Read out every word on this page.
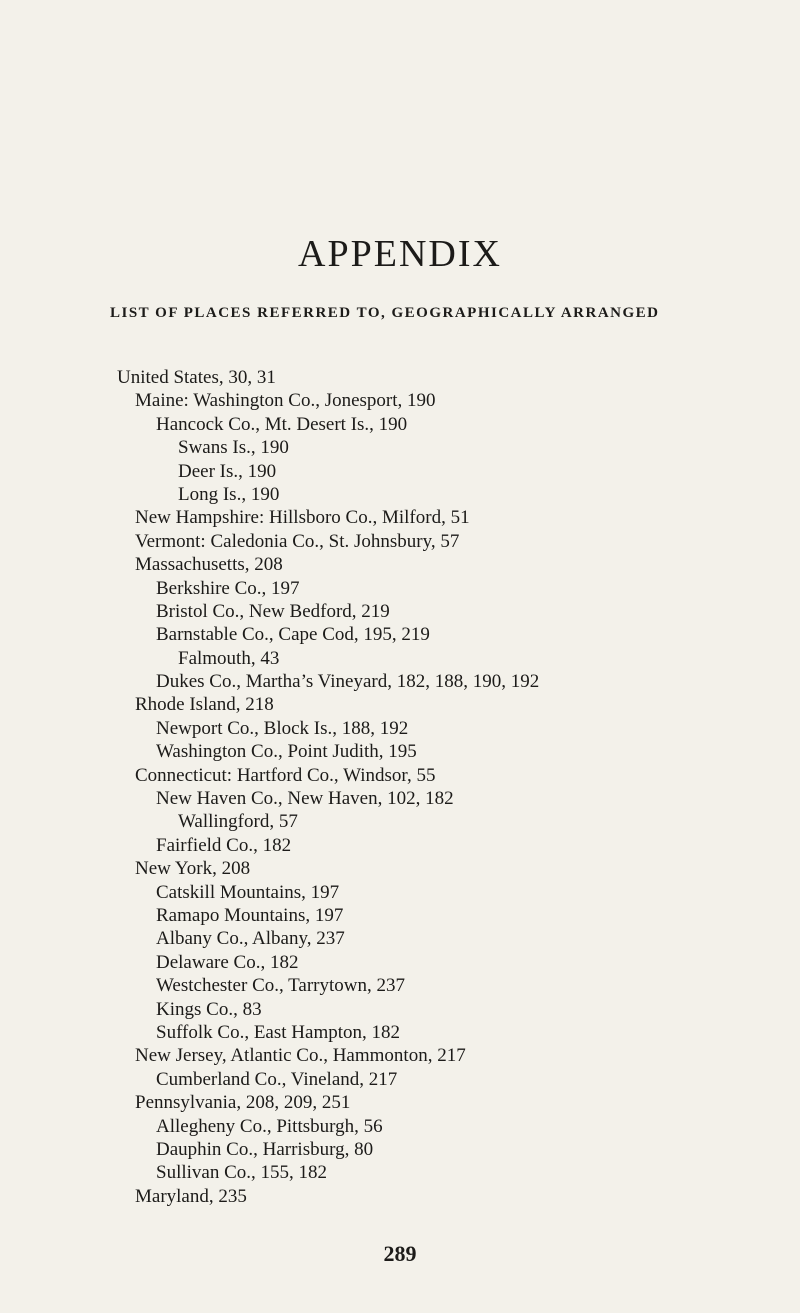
APPENDIX
LIST OF PLACES REFERRED TO, GEOGRAPHICALLY ARRANGED
United States, 30, 31
Maine: Washington Co., Jonesport, 190
Hancock Co., Mt. Desert Is., 190
Swans Is., 190
Deer Is., 190
Long Is., 190
New Hampshire: Hillsboro Co., Milford, 51
Vermont: Caledonia Co., St. Johnsbury, 57
Massachusetts, 208
Berkshire Co., 197
Bristol Co., New Bedford, 219
Barnstable Co., Cape Cod, 195, 219
Falmouth, 43
Dukes Co., Martha’s Vineyard, 182, 188, 190, 192
Rhode Island, 218
Newport Co., Block Is., 188, 192
Washington Co., Point Judith, 195
Connecticut: Hartford Co., Windsor, 55
New Haven Co., New Haven, 102, 182
Wallingford, 57
Fairfield Co., 182
New York, 208
Catskill Mountains, 197
Ramapo Mountains, 197
Albany Co., Albany, 237
Delaware Co., 182
Westchester Co., Tarrytown, 237
Kings Co., 83
Suffolk Co., East Hampton, 182
New Jersey, Atlantic Co., Hammonton, 217
Cumberland Co., Vineland, 217
Pennsylvania, 208, 209, 251
Allegheny Co., Pittsburgh, 56
Dauphin Co., Harrisburg, 80
Sullivan Co., 155, 182
Maryland, 235

289
